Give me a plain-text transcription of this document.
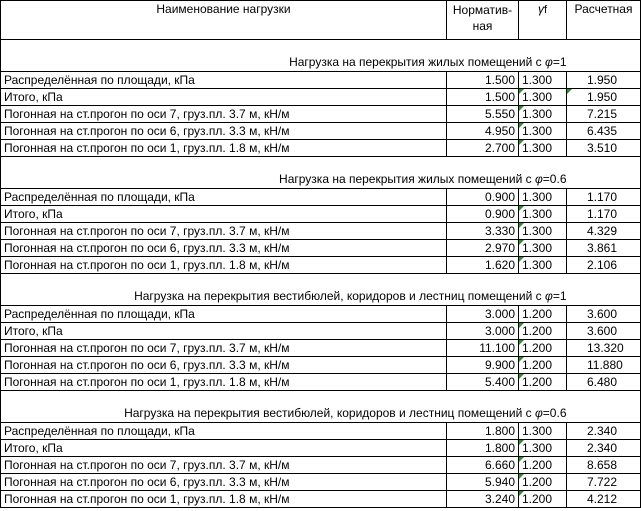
Наименование нагрузки	Норматив-ная	γf	Расчетная
Нагрузка на перекрытия жилых помещений с φ=1			
Распределённая по площади, кПа	1.500	1.300	1.950
Итого, кПа	1.500	1.300	1.950
Погонная на ст.прогон по оси 7, груз.пл. 3.7 м, кН/м	5.550	1.300	7.215
Погонная на ст.прогон по оси 6, груз.пл. 3.3 м, кН/м	4.950	1.300	6.435
Погонная на ст.прогон по оси 1, груз.пл. 1.8 м, кН/м	2.700	1.300	3.510
Нагрузка на перекрытия жилых помещений с φ=0.6			
Распределённая по площади, кПа	0.900	1.300	1.170
Итого, кПа	0.900	1.300	1.170
Погонная на ст.прогон по оси 7, груз.пл. 3.7 м, кН/м	3.330	1.300	4.329
Погонная на ст.прогон по оси 6, груз.пл. 3.3 м, кН/м	2.970	1.300	3.861
Погонная на ст.прогон по оси 1, груз.пл. 1.8 м, кН/м	1.620	1.300	2.106
Нагрузка на перекрытия вестибюлей, коридоров и лестниц помещений с φ=1			
Распределённая по площади, кПа	3.000	1.200	3.600
Итого, кПа	3.000	1.200	3.600
Погонная на ст.прогон по оси 7, груз.пл. 3.7 м, кН/м	11.100	1.200	13.320
Погонная на ст.прогон по оси 6, груз.пл. 3.3 м, кН/м	9.900	1.200	11.880
Погонная на ст.прогон по оси 1, груз.пл. 1.8 м, кН/м	5.400	1.200	6.480
Нагрузка на перекрытия вестибюлей, коридоров и лестниц помещений с φ=0.6			
Распределённая по площади, кПа	1.800	1.300	2.340
Итого, кПа	1.800	1.300	2.340
Погонная на ст.прогон по оси 7, груз.пл. 3.7 м, кН/м	6.660	1.200	8.658
Погонная на ст.прогон по оси 6, груз.пл. 3.3 м, кН/м	5.940	1.200	7.722
Погонная на ст.прогон по оси 1, груз.пл. 1.8 м, кН/м	3.240	1.200	4.212
